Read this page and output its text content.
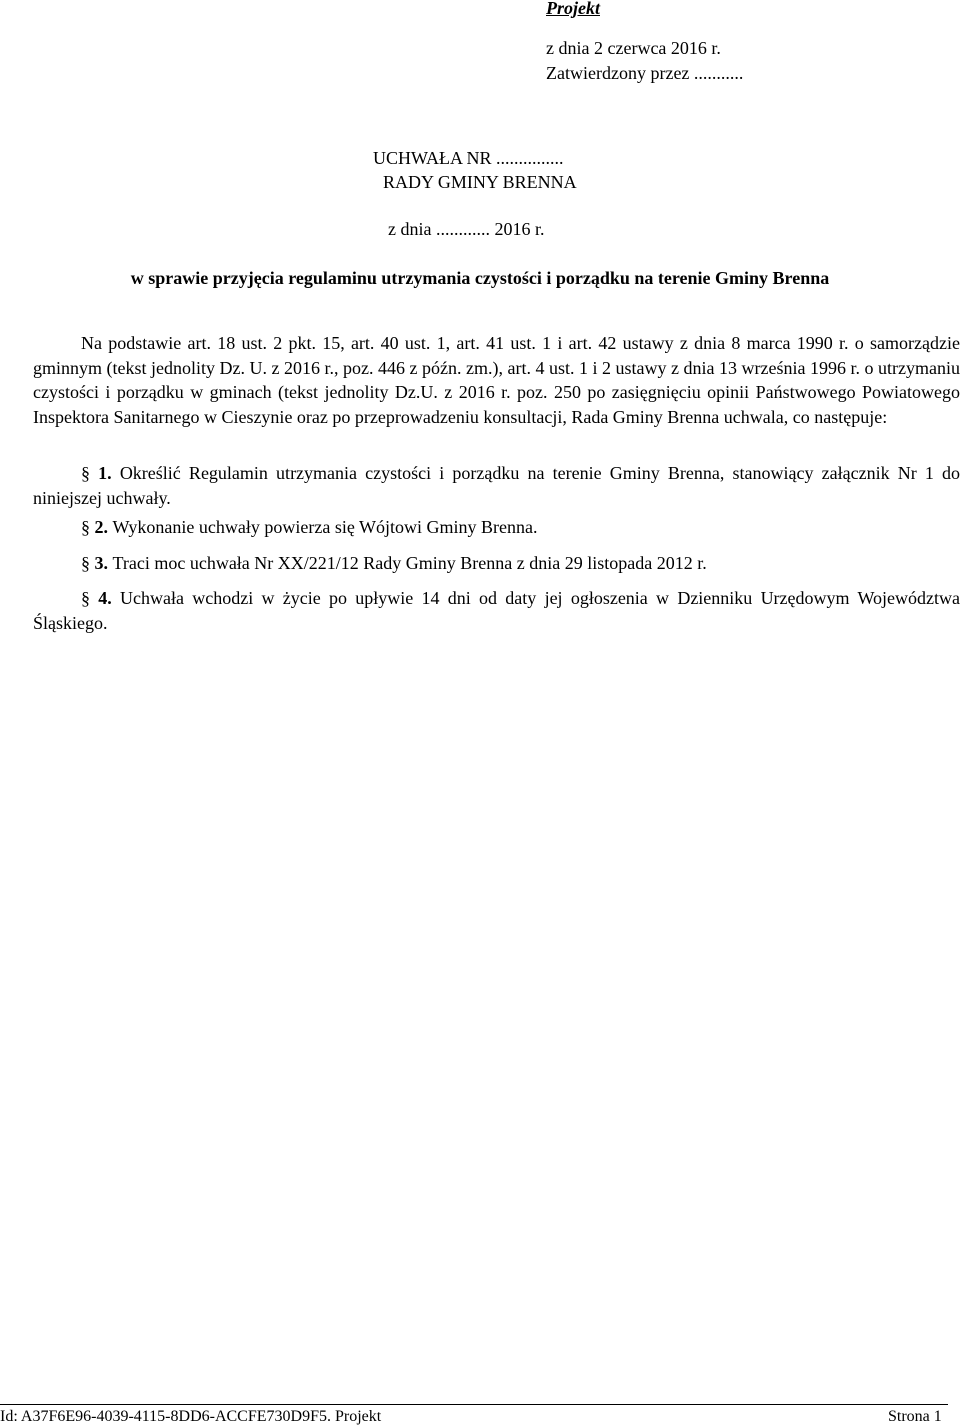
Projekt
z dnia 2 czerwca 2016 r.
Zatwierdzony przez ...........
UCHWAŁA NR ...............
RADY GMINY BRENNA
z dnia ............ 2016 r.
w sprawie przyjęcia regulaminu utrzymania czystości i porządku na terenie Gminy Brenna
Na podstawie art. 18 ust. 2 pkt. 15, art. 40 ust. 1, art. 41 ust. 1 i art. 42 ustawy z dnia 8 marca 1990 r. o samorządzie gminnym (tekst jednolity Dz. U. z 2016 r., poz. 446 z późn. zm.), art. 4 ust. 1 i 2 ustawy z dnia 13 września 1996 r. o utrzymaniu czystości i porządku w gminach (tekst jednolity Dz.U. z 2016 r. poz. 250 po zasięgnięciu opinii Państwowego Powiatowego Inspektora Sanitarnego w Cieszynie oraz po przeprowadzeniu konsultacji, Rada Gminy Brenna uchwala, co następuje:
§ 1. Określić Regulamin utrzymania czystości i porządku na terenie Gminy Brenna, stanowiący załącznik Nr 1 do niniejszej uchwały.
§ 2. Wykonanie uchwały powierza się Wójtowi Gminy Brenna.
§ 3. Traci moc uchwała Nr XX/221/12 Rady Gminy Brenna z dnia 29 listopada 2012 r.
§ 4. Uchwała wchodzi w życie po upływie 14 dni od daty jej ogłoszenia w Dzienniku Urzędowym Województwa Śląskiego.
Id: A37F6E96-4039-4115-8DD6-ACCFE730D9F5. Projekt	Strona 1
